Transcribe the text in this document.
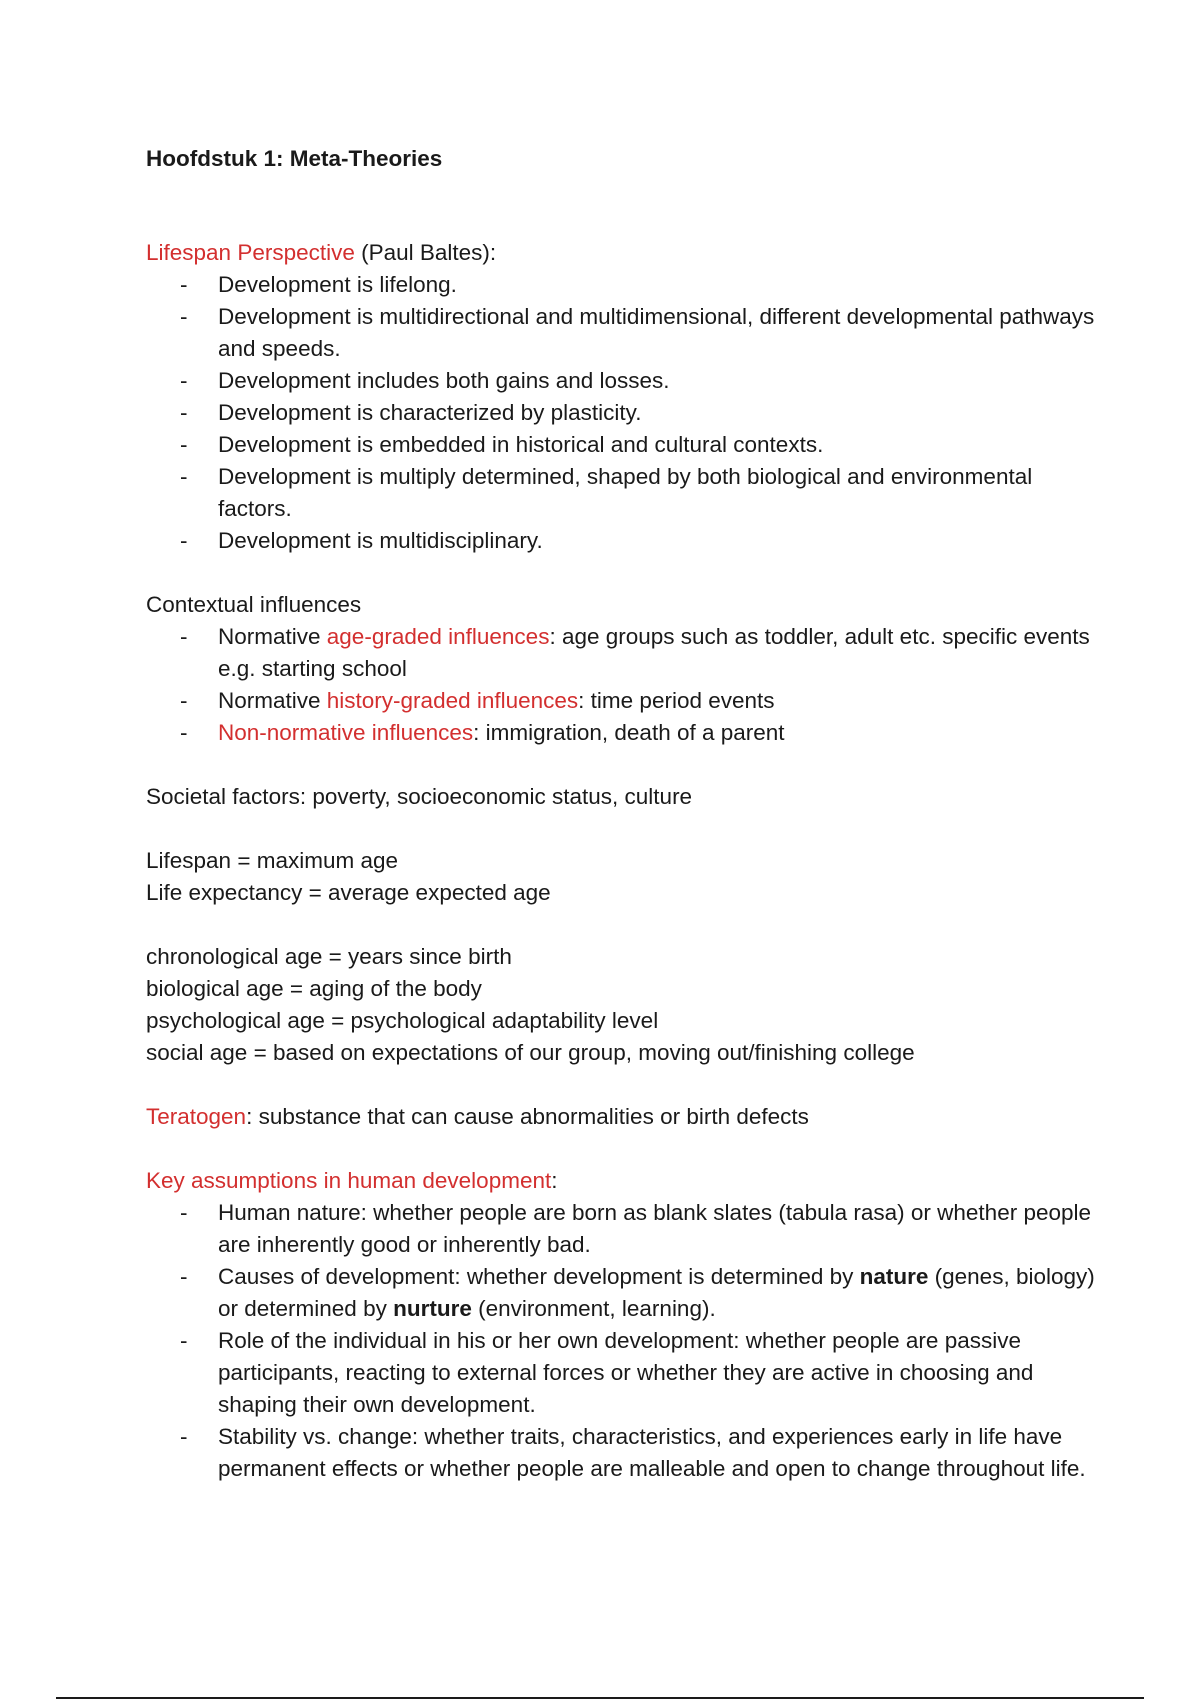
Hoofdstuk 1: Meta-Theories

Lifespan Perspective (Paul Baltes):

-	Development is lifelong.
-	Development is multidirectional and multidimensional, different developmental pathways and speeds.
-	Development includes both gains and losses.
-	Development is characterized by plasticity.
-	Development is embedded in historical and cultural contexts.
-	Development is multiply determined, shaped by both biological and environmental factors.
-	Development is multidisciplinary.

Contextual influences

-	Normative age-graded influences: age groups such as toddler, adult etc. specific events e.g. starting school
-	Normative history-graded influences: time period events
-	Non-normative influences: immigration, death of a parent

Societal factors: poverty, socioeconomic status, culture

Lifespan = maximum age

Life expectancy = average expected age

chronological age = years since birth

biological age = aging of the body

psychological age = psychological adaptability level

social age = based on expectations of our group, moving out/finishing college

Teratogen: substance that can cause abnormalities or birth defects

Key assumptions in human development:

-	Human nature: whether people are born as blank slates (tabula rasa) or whether people are inherently good or inherently bad.
-	Causes of development: whether development is determined by nature (genes, biology) or determined by nurture (environment, learning).
-	Role of the individual in his or her own development: whether people are passive participants, reacting to external forces or whether they are active in choosing and shaping their own development.
-	Stability vs. change: whether traits, characteristics, and experiences early in life have permanent effects or whether people are malleable and open to change throughout life.
